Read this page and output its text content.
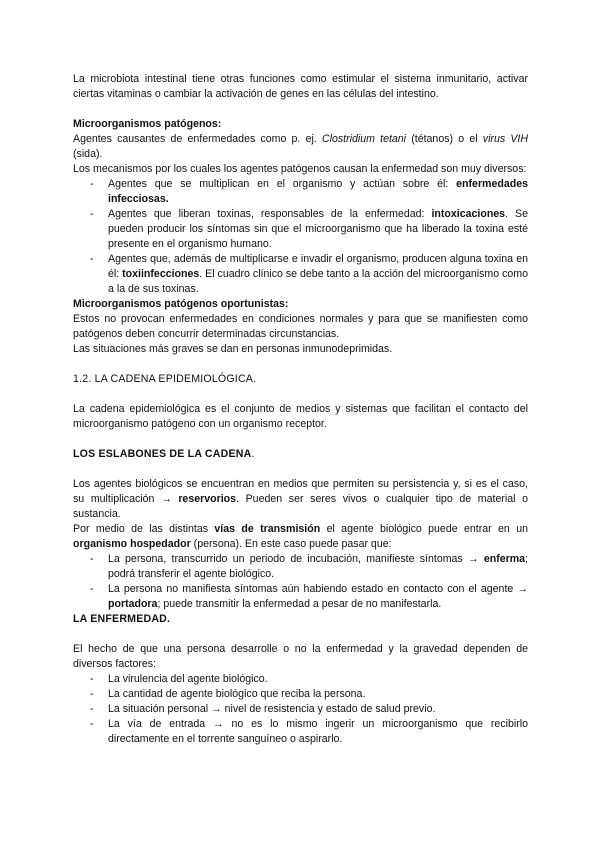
La microbiota intestinal tiene otras funciones como estimular el sistema inmunitario, activar ciertas vitaminas o cambiar la activación de genes en las células del intestino.

Microorganismos patógenos:

Agentes causantes de enfermedades como p. ej. Clostridium tetani (tétanos) o el virus VIH (sida).

Los mecanismos por los cuales los agentes patógenos causan la enfermedad son muy diversos:

- Agentes que se multiplican en el organismo y actúan sobre él: enfermedades infecciosas.
- Agentes que liberan toxinas, responsables de la enfermedad: intoxicaciones. Se pueden producir los síntomas sin que el microorganismo que ha liberado la toxina esté presente en el organismo humano.
- Agentes que, además de multiplicarse e invadir el organismo, producen alguna toxina en él: toxiinfecciones. El cuadro clínico se debe tanto a la acción del microorganismo como a la de sus toxinas.

Microorganismos patógenos oportunistas:

Estos no provocan enfermedades en condiciones normales y para que se manifiesten como patógenos deben concurrir determinadas circunstancias.

Las situaciones más graves se dan en personas inmunodeprimidas.

1.2. LA CADENA EPIDEMIOLÓGICA.

La cadena epidemiológica es el conjunto de medios y sistemas que facilitan el contacto del microorganismo patógeno con un organismo receptor.

LOS ESLABONES DE LA CADENA.

Los agentes biológicos se encuentran en medios que permiten su persistencia y, si es el caso, su multiplicación → reservorios. Pueden ser seres vivos o cualquier tipo de material o sustancia.

Por medio de las distintas vías de transmisión el agente biológico puede entrar en un organismo hospedador (persona). En este caso puede pasar que:

- La persona, transcurrido un periodo de incubación, manifieste síntomas → enferma; podrá transferir el agente biológico.
- La persona no manifiesta síntomas aún habiendo estado en contacto con el agente → portadora; puede transmitir la enfermedad a pesar de no manifestarla.

LA ENFERMEDAD.

El hecho de que una persona desarrolle o no la enfermedad y la gravedad dependen de diversos factores:

- La virulencia del agente biológico.
- La cantidad de agente biológico que reciba la persona.
- La situación personal → nivel de resistencia y estado de salud previo.
- La vía de entrada → no es lo mismo ingerir un microorganismo que recibirlo directamente en el torrente sanguíneo o aspirarlo.
